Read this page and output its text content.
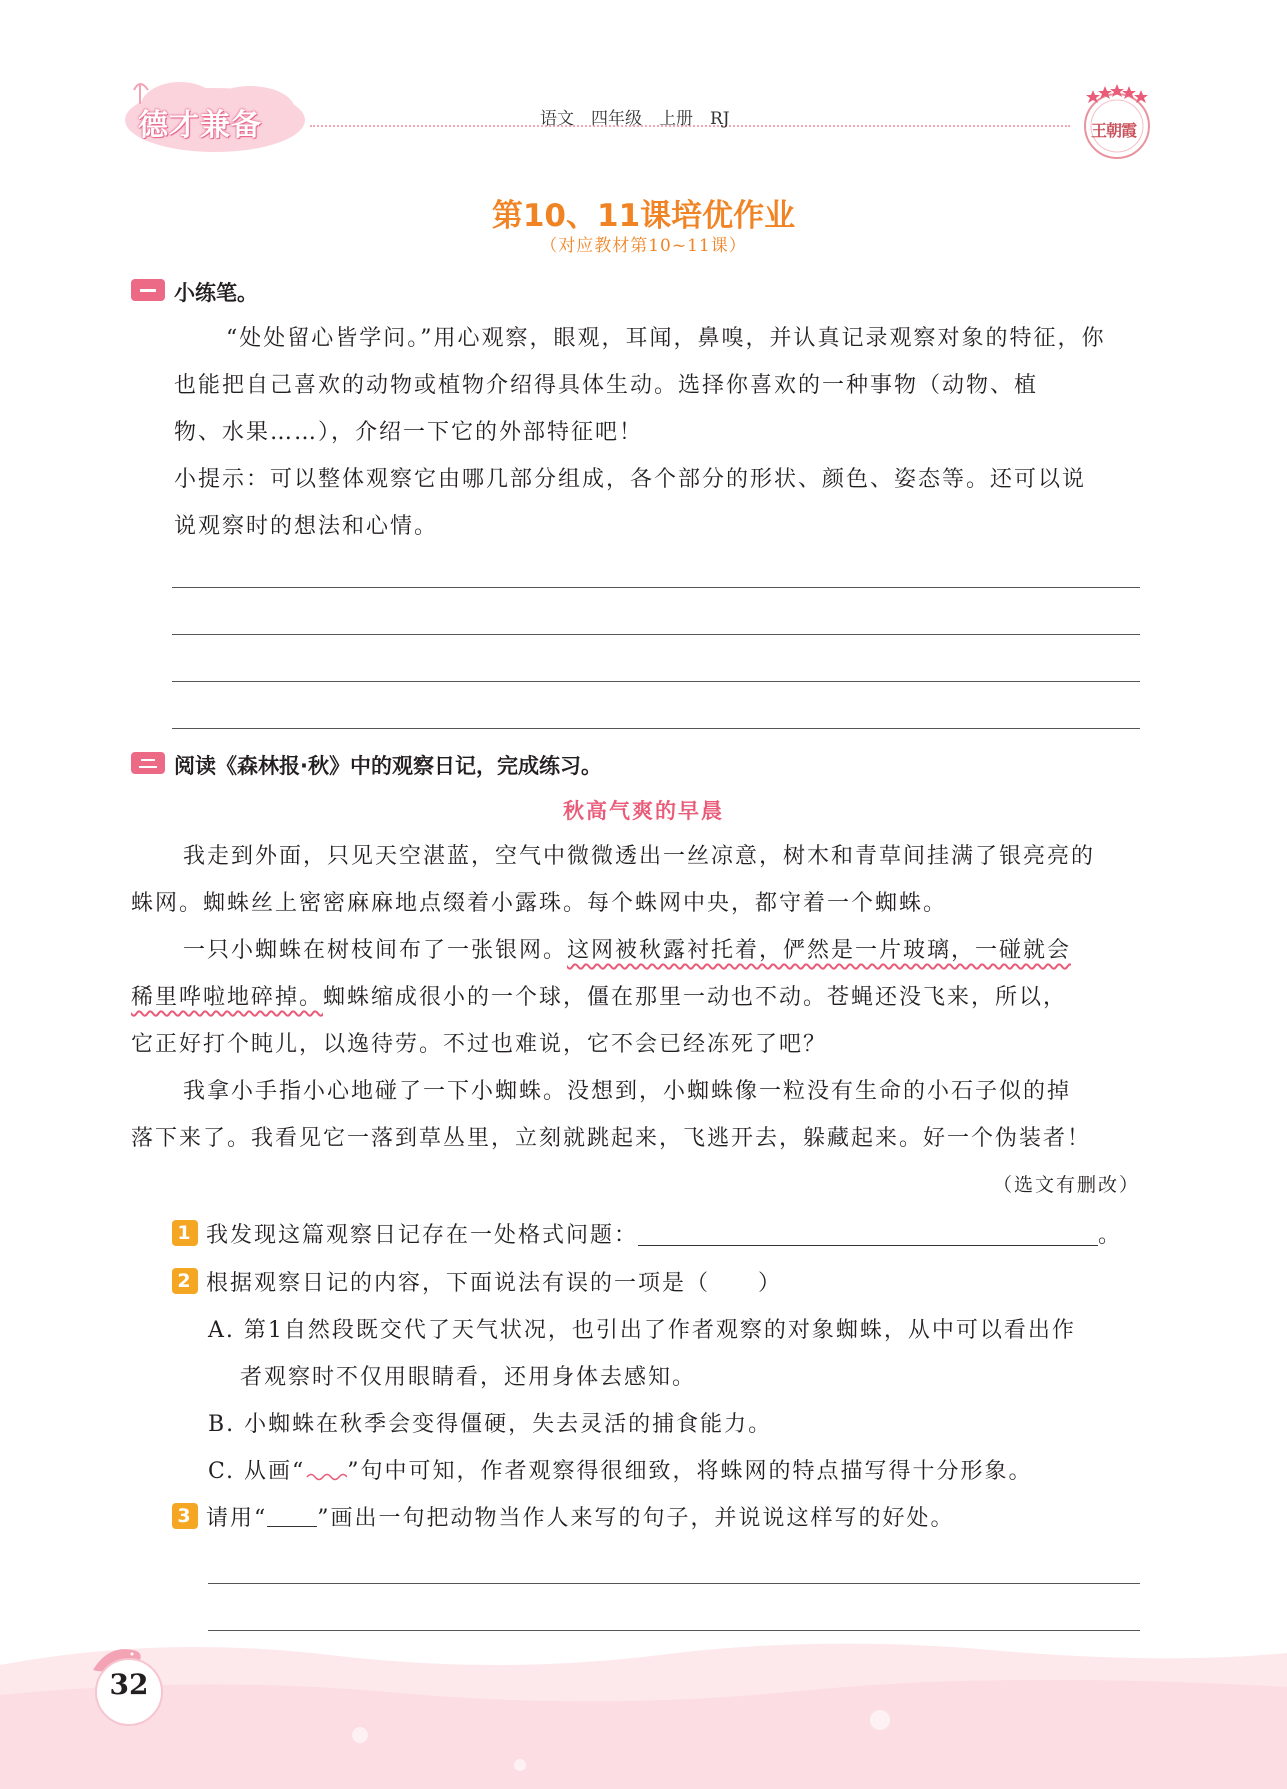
德才兼备	语文　四年级　上册　RJ
王朝霞
第10、11课培优作业
（对应教材第10~11课）
小练笔。
“处处留心皆学问。”用心观察，眼观，耳闻，鼻嗅，并认真记录观察对象的特征，你
也能把自己喜欢的动物或植物介绍得具体生动。选择你喜欢的一种事物（动物、植
物、水果……），介绍一下它的外部特征吧！
小提示：可以整体观察它由哪几部分组成，各个部分的形状、颜色、姿态等。还可以说
说观察时的想法和心情。
阅读《森林报·秋》中的观察日记，完成练习。
秋高气爽的早晨
我走到外面，只见天空湛蓝，空气中微微透出一丝凉意，树木和青草间挂满了银亮亮的
蛛网。蜘蛛丝上密密麻麻地点缀着小露珠。每个蛛网中央，都守着一个蜘蛛。
一只小蜘蛛在树枝间布了一张银网。这网被秋露衬托着，俨然是一片玻璃，一碰就会
稀里哗啦地碎掉。蜘蛛缩成很小的一个球，僵在那里一动也不动。苍蝇还没飞来，所以，
它正好打个盹儿，以逸待劳。不过也难说，它不会已经冻死了吧？
我拿小手指小心地碰了一下小蜘蛛。没想到，小蜘蛛像一粒没有生命的小石子似的掉
落下来了。我看见它一落到草丛里，立刻就跳起来，飞逃开去，躲藏起来。好一个伪装者！
（选文有删改）
1 我发现这篇观察日记存在一处格式问题：	。
2 根据观察日记的内容，下面说法有误的一项是（　　）
A. 第1自然段既交代了天气状况，也引出了作者观察的对象蜘蛛，从中可以看出作
者观察时不仅用眼睛看，还用身体去感知。
B. 小蜘蛛在秋季会变得僵硬，失去灵活的捕食能力。
C. 从画“ ”句中可知，作者观察得很细致，将蛛网的特点描写得十分形象。
3 请用“ ”画出一句把动物当作人来写的句子，并说说这样写的好处。
32
